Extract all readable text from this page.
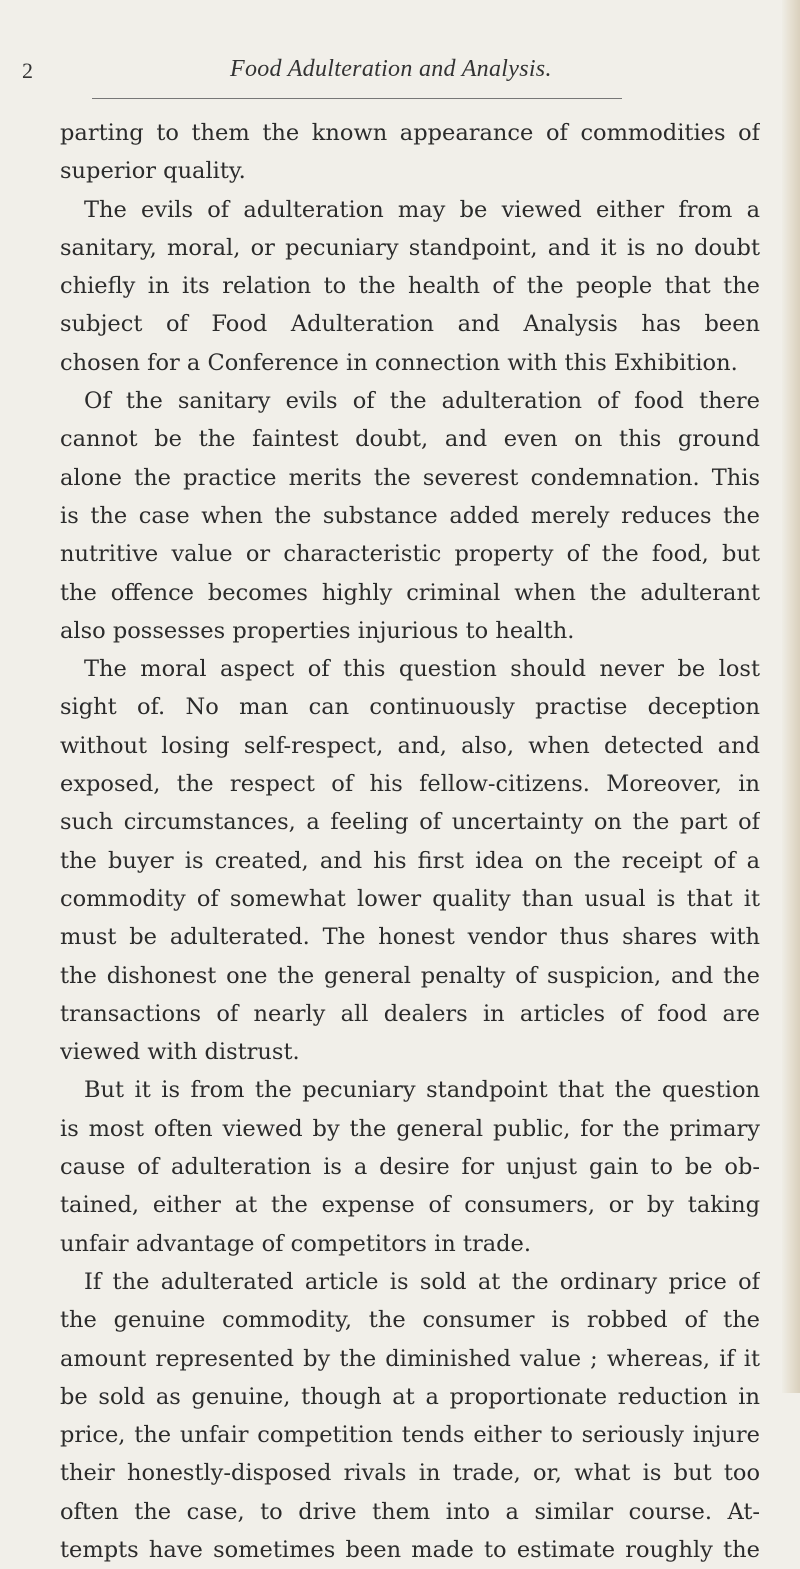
2	Food Adulteration and Analysis.
parting to them the known appearance of commodities of
superior quality.
The evils of adulteration may be viewed either from a
sanitary, moral, or pecuniary standpoint, and it is no doubt
chiefly in its relation to the health of the people that the
subject of Food Adulteration and Analysis has been
chosen for a Conference in connection with this Exhibition.
Of the sanitary evils of the adulteration of food there
cannot be the faintest doubt, and even on this ground
alone the practice merits the severest condemnation. This
is the case when the substance added merely reduces the
nutritive value or characteristic property of the food, but
the offence becomes highly criminal when the adulterant
also possesses properties injurious to health.
The moral aspect of this question should never be lost
sight of. No man can continuously practise deception
without losing self-respect, and, also, when detected and
exposed, the respect of his fellow-citizens. Moreover, in
such circumstances, a feeling of uncertainty on the part of
the buyer is created, and his first idea on the receipt of a
commodity of somewhat lower quality than usual is that it
must be adulterated. The honest vendor thus shares with
the dishonest one the general penalty of suspicion, and the
transactions of nearly all dealers in articles of food are
viewed with distrust.
But it is from the pecuniary standpoint that the question
is most often viewed by the general public, for the primary
cause of adulteration is a desire for unjust gain to be ob-
tained, either at the expense of consumers, or by taking
unfair advantage of competitors in trade.
If the adulterated article is sold at the ordinary price of
the genuine commodity, the consumer is robbed of the
amount represented by the diminished value ; whereas, if it
be sold as genuine, though at a proportionate reduction in
price, the unfair competition tends either to seriously injure
their honestly-disposed rivals in trade, or, what is but too
often the case, to drive them into a similar course. At-
tempts have sometimes been made to estimate roughly the
